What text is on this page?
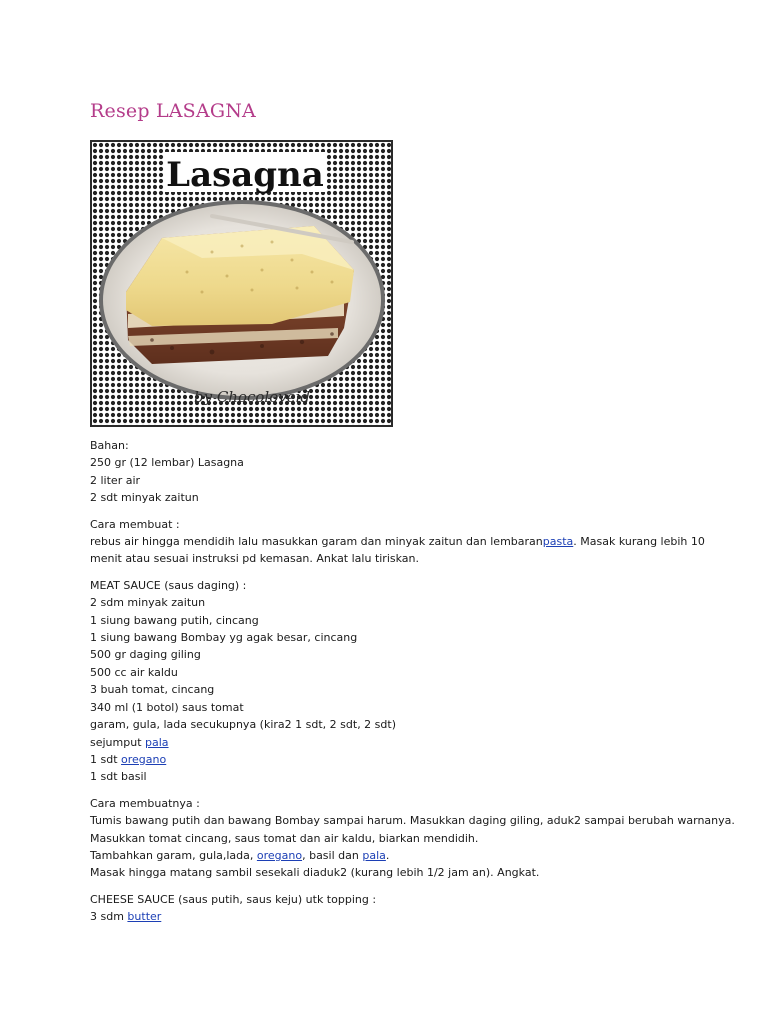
Resep LASAGNA
Lasagna
by Chocoloveid
Bahan:
250 gr (12 lembar) Lasagna
2 liter air
2 sdt minyak zaitun
Cara membuat :
rebus air hingga mendidih lalu masukkan garam dan minyak zaitun dan lembaranpasta. Masak kurang lebih 10
menit atau sesuai instruksi pd kemasan. Ankat lalu tiriskan.
MEAT SAUCE (saus daging) :
2 sdm minyak zaitun
1 siung bawang putih, cincang
1 siung bawang Bombay yg agak besar, cincang
500 gr daging giling
500 cc air kaldu
3 buah tomat, cincang
340 ml (1 botol) saus tomat
garam, gula, lada secukupnya (kira2 1 sdt, 2 sdt, 2 sdt)
sejumput pala
1 sdt oregano
1 sdt basil
Cara membuatnya :
Tumis bawang putih dan bawang Bombay sampai harum. Masukkan daging giling, aduk2 sampai berubah warnanya.
Masukkan tomat cincang, saus tomat dan air kaldu, biarkan mendidih.
Tambahkan garam, gula,lada, oregano, basil dan pala.
Masak hingga matang sambil sesekali diaduk2 (kurang lebih 1/2 jam an). Angkat.
CHEESE SAUCE (saus putih, saus keju) utk topping :
3 sdm butter
